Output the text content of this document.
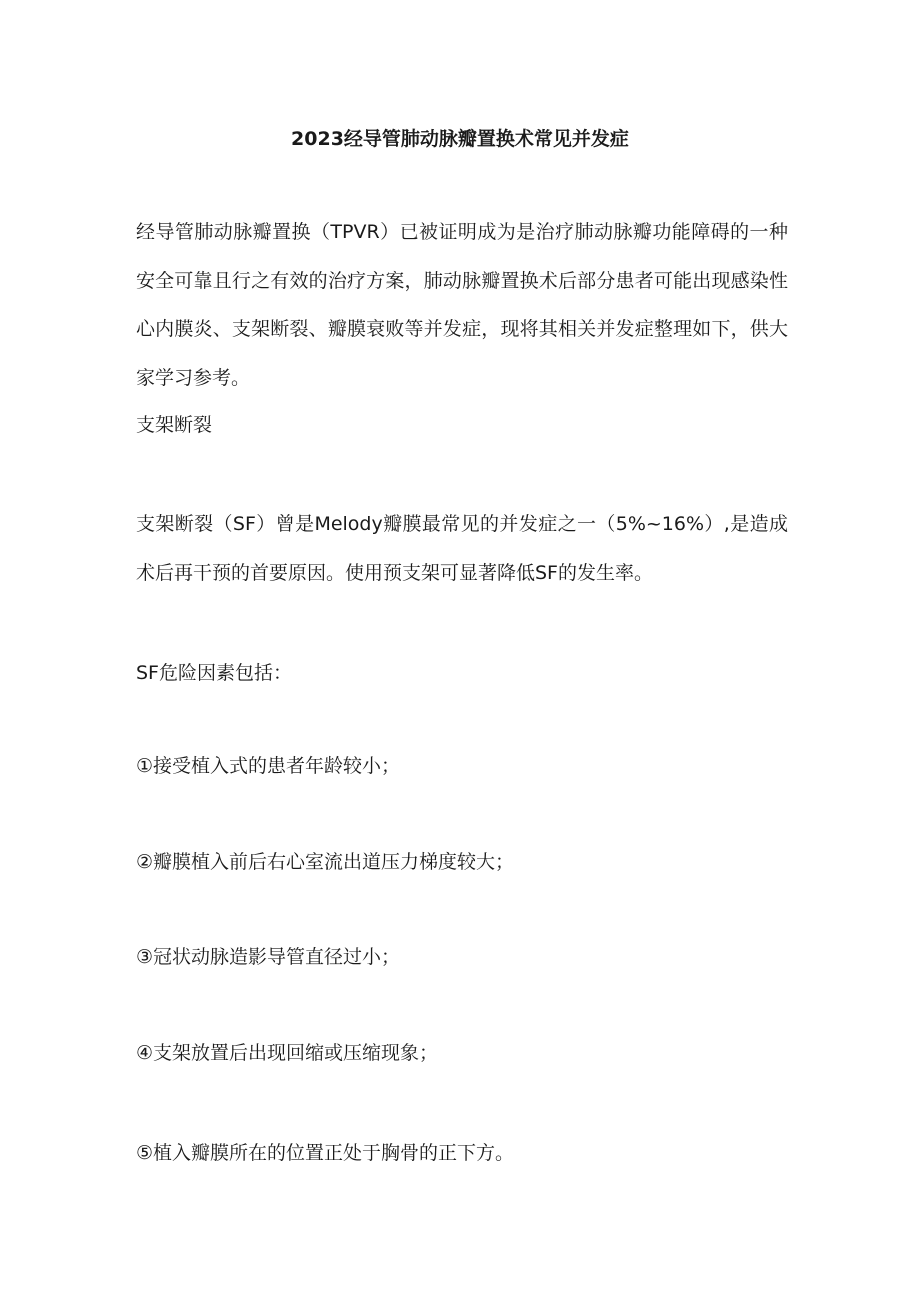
2023经导管肺动脉瓣置换术常见并发症
经导管肺动脉瓣置换（TPVR）已被证明成为是治疗肺动脉瓣功能障碍的一种安全可靠且行之有效的治疗方案，肺动脉瓣置换术后部分患者可能出现感染性心内膜炎、支架断裂、瓣膜衰败等并发症，现将其相关并发症整理如下，供大家学习参考。
支架断裂
支架断裂（SF）曾是Melody瓣膜最常见的并发症之一（5%~16%）,是造成术后再干预的首要原因。使用预支架可显著降低SF的发生率。
SF危险因素包括：
①接受植入式的患者年龄较小；
②瓣膜植入前后右心室流出道压力梯度较大；
③冠状动脉造影导管直径过小；
④支架放置后出现回缩或压缩现象；
⑤植入瓣膜所在的位置正处于胸骨的正下方。
